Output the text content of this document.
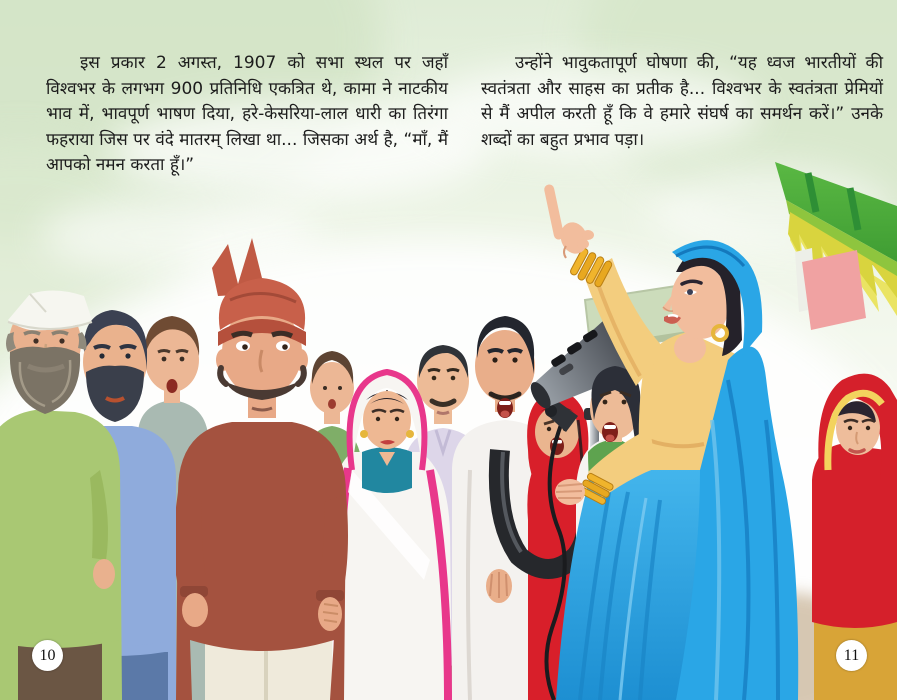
इस प्रकार 2 अगस्त, 1907 को सभा स्थल पर जहाँ विश्वभर के लगभग 900 प्रतिनिधि एकत्रित थे, कामा ने नाटकीय भाव में, भावपूर्ण भाषण दिया, हरे-केसरिया-लाल धारी का तिरंगा फहराया जिस पर वंदे मातरम् लिखा था... जिसका अर्थ है, “माँ, मैं आपको नमन करता हूँ।”

उन्होंने भावुकतापूर्ण घोषणा की, “यह ध्वज भारतीयों की स्वतंत्रता और साहस का प्रतीक है... विश्वभर के स्वतंत्रता प्रेमियों से मैं अपील करती हूँ कि वे हमारे संघर्ष का समर्थन करें।” उनके शब्दों का बहुत प्रभाव पड़ा।

10	11
